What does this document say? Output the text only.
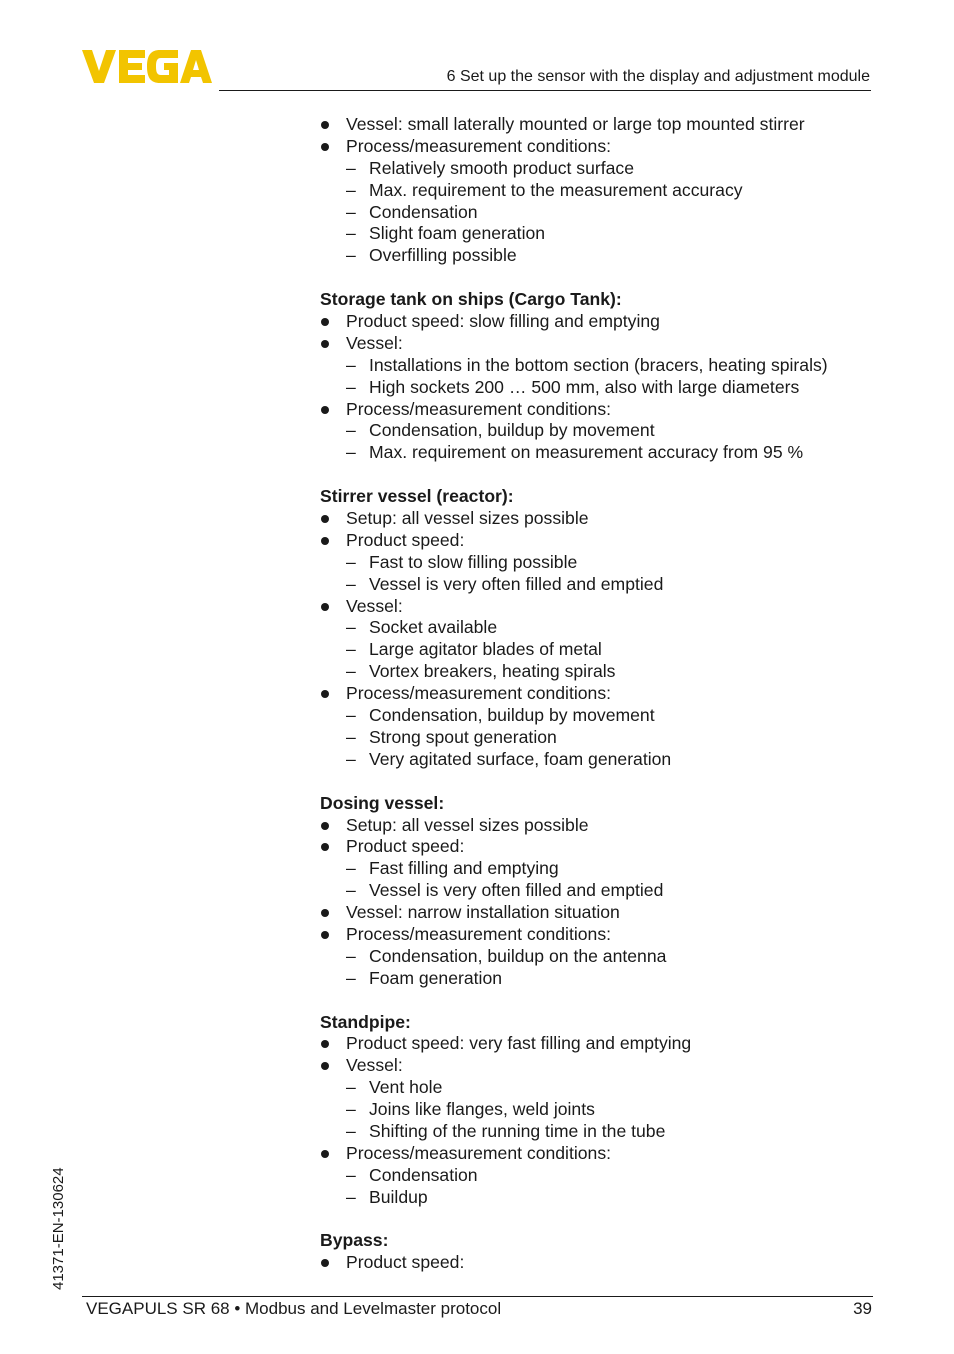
6 Set up the sensor with the display and adjustment module
Vessel: small laterally mounted or large top mounted stirrer
Process/measurement conditions:
– Relatively smooth product surface
– Max. requirement to the measurement accuracy
– Condensation
– Slight foam generation
– Overfilling possible
Storage tank on ships (Cargo Tank):
Product speed: slow filling and emptying
Vessel:
– Installations in the bottom section (bracers, heating spirals)
– High sockets 200 … 500 mm, also with large diameters
Process/measurement conditions:
– Condensation, buildup by movement
– Max. requirement on measurement accuracy from 95 %
Stirrer vessel (reactor):
Setup: all vessel sizes possible
Product speed:
– Fast to slow filling possible
– Vessel is very often filled and emptied
Vessel:
– Socket available
– Large agitator blades of metal
– Vortex breakers, heating spirals
Process/measurement conditions:
– Condensation, buildup by movement
– Strong spout generation
– Very agitated surface, foam generation
Dosing vessel:
Setup: all vessel sizes possible
Product speed:
– Fast filling and emptying
– Vessel is very often filled and emptied
Vessel: narrow installation situation
Process/measurement conditions:
– Condensation, buildup on the antenna
– Foam generation
Standpipe:
Product speed: very fast filling and emptying
Vessel:
– Vent hole
– Joins like flanges, weld joints
– Shifting of the running time in the tube
Process/measurement conditions:
– Condensation
– Buildup
Bypass:
Product speed:
41371-EN-130624
VEGAPULS SR 68 • Modbus and Levelmaster protocol	39
